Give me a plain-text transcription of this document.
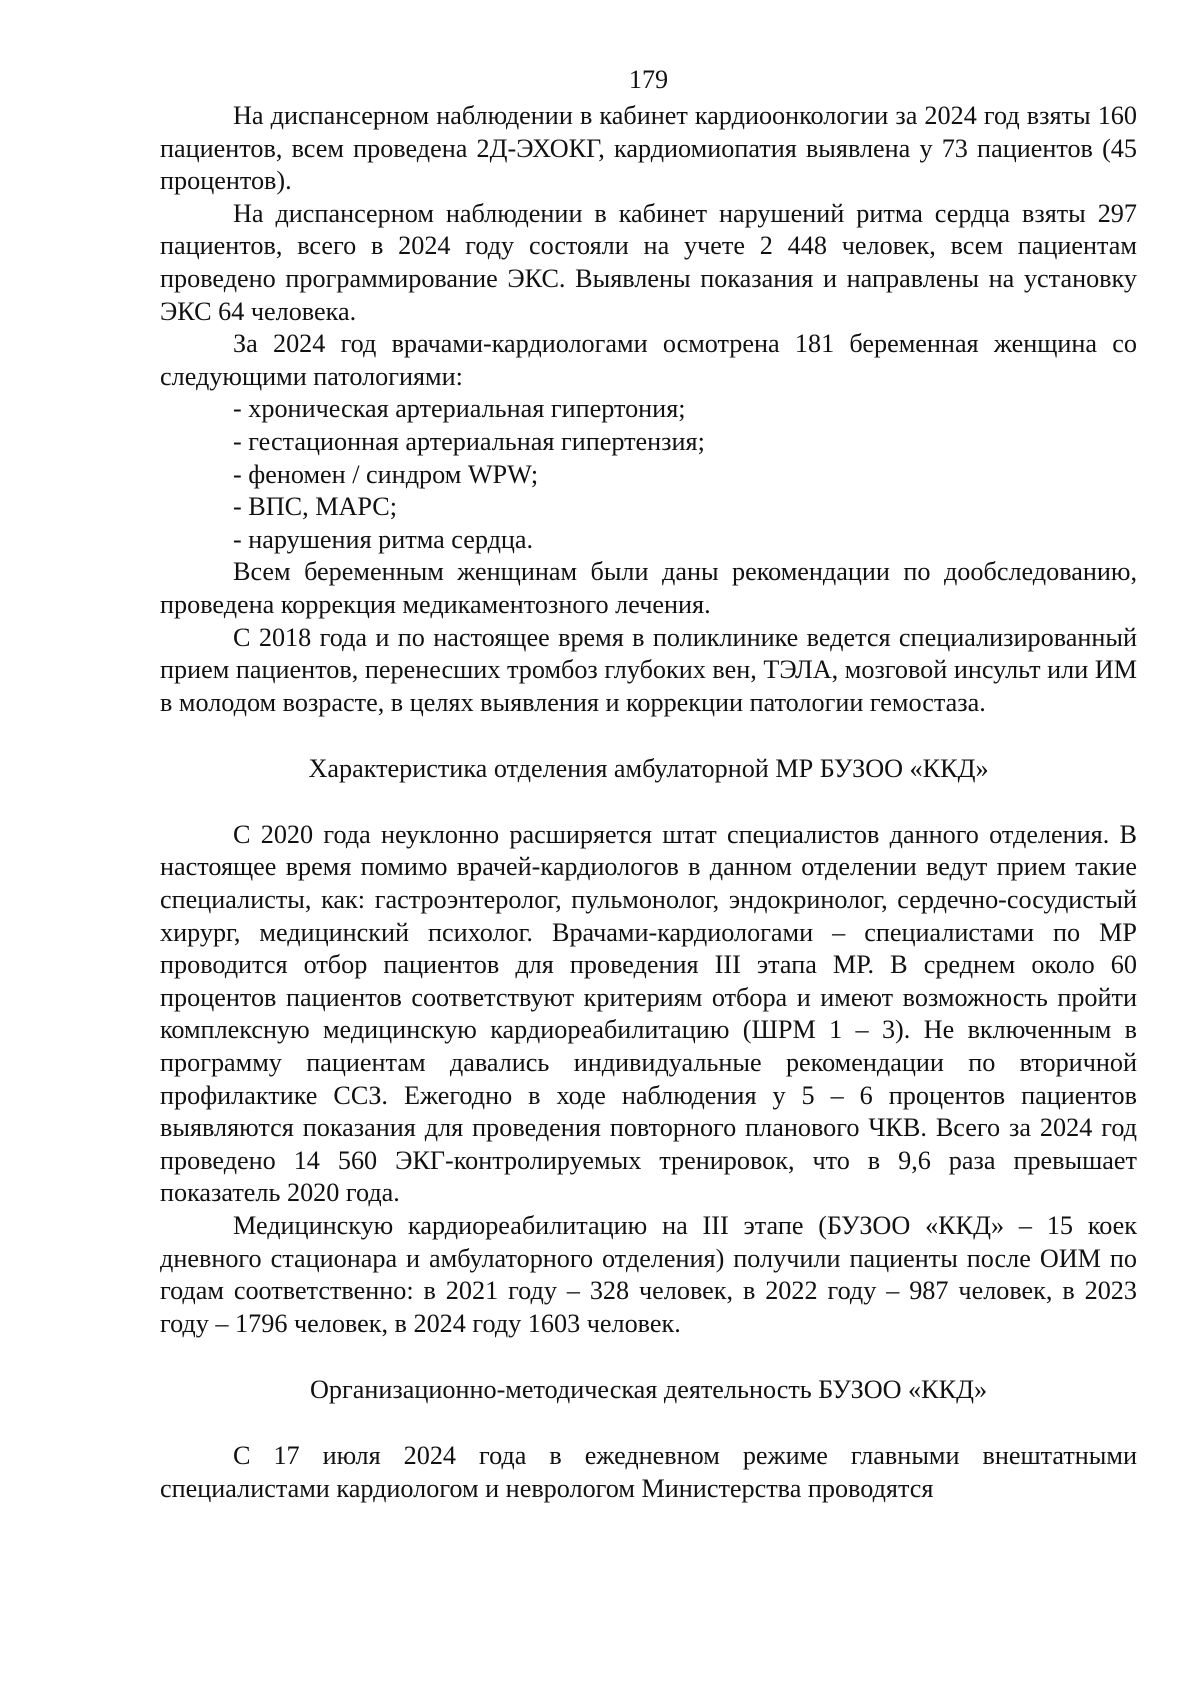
179

На диспансерном наблюдении в кабинет кардиоонкологии за 2024 год взяты 160 пациентов, всем проведена 2Д-ЭХОКГ, кардиомиопатия выявлена у 73 пациентов (45 процентов).

На диспансерном наблюдении в кабинет нарушений ритма сердца взяты 297 пациентов, всего в 2024 году состояли на учете 2 448 человек, всем пациентам проведено программирование ЭКС. Выявлены показания и направлены на установку ЭКС 64 человека.

За 2024 год врачами-кардиологами осмотрена 181 беременная женщина со следующими патологиями:

- хроническая артериальная гипертония;
- гестационная артериальная гипертензия;
- феномен / синдром WPW;
- ВПС, МАРС;
- нарушения ритма сердца.

Всем беременным женщинам были даны рекомендации по дообследованию, проведена коррекция медикаментозного лечения.

С 2018 года и по настоящее время в поликлинике ведется специализированный прием пациентов, перенесших тромбоз глубоких вен, ТЭЛА, мозговой инсульт или ИМ в молодом возрасте, в целях выявления и коррекции патологии гемостаза.

Характеристика отделения амбулаторной МР БУЗОО «ККД»

С 2020 года неуклонно расширяется штат специалистов данного отделения. В настоящее время помимо врачей-кардиологов в данном отделении ведут прием такие специалисты, как: гастроэнтеролог, пульмонолог, эндокринолог, сердечно-сосудистый хирург, медицинский психолог. Врачами-кардиологами – специалистами по МР проводится отбор пациентов для проведения III этапа МР. В среднем около 60 процентов пациентов соответствуют критериям отбора и имеют возможность пройти комплексную медицинскую кардиореабилитацию (ШРМ 1 – 3). Не включенным в программу пациентам давались индивидуальные рекомендации по вторичной профилактике ССЗ. Ежегодно в ходе наблюдения у 5 – 6 процентов пациентов выявляются показания для проведения повторного планового ЧКВ. Всего за 2024 год проведено 14 560 ЭКГ-контролируемых тренировок, что в 9,6 раза превышает показатель 2020 года.

Медицинскую кардиореабилитацию на III этапе (БУЗОО «ККД» – 15 коек дневного стационара и амбулаторного отделения) получили пациенты после ОИМ по годам соответственно: в 2021 году – 328 человек, в 2022 году – 987 человек, в 2023 году – 1796 человек, в 2024 году 1603 человек.

Организационно-методическая деятельность БУЗОО «ККД»

С 17 июля 2024 года в ежедневном режиме главными внештатными специалистами кардиологом и неврологом Министерства проводятся
